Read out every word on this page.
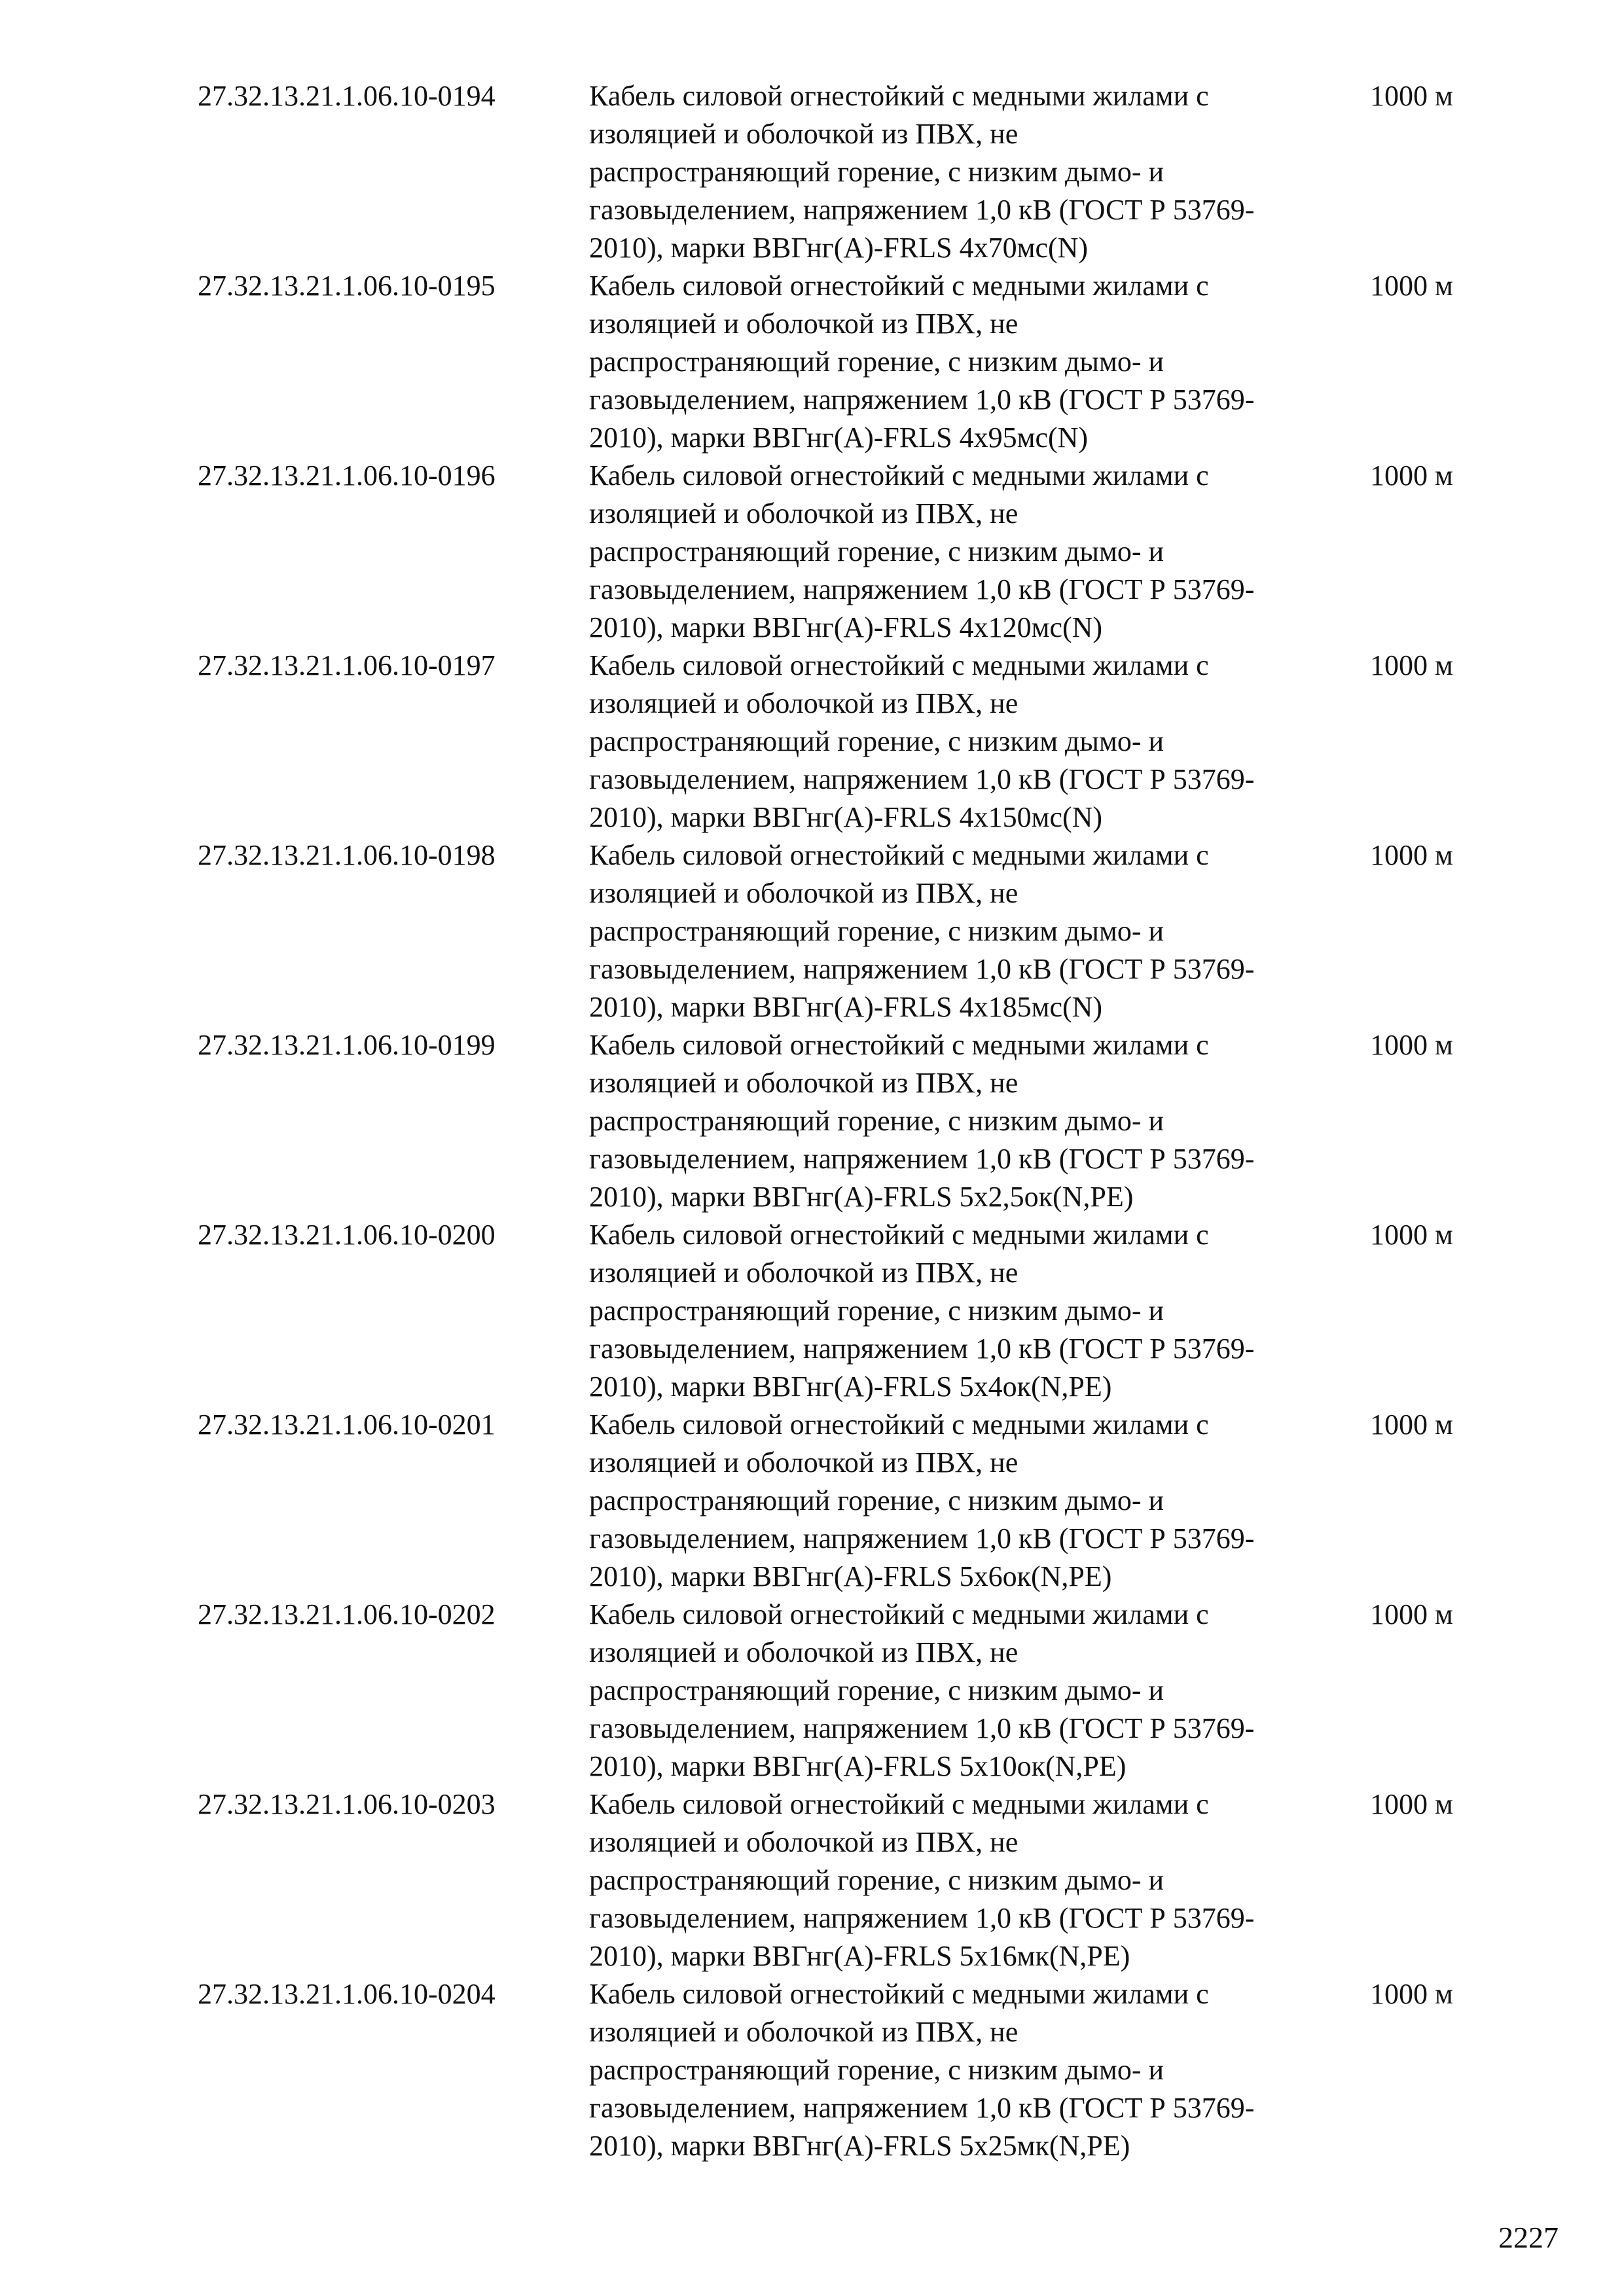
27.32.13.21.1.06.10-0194	Кабель силовой огнестойкий с медными жилами с
изоляцией и оболочкой из ПВХ, не
распространяющий горение, с низким дымо- и
газовыделением, напряжением 1,0 кВ (ГОСТ Р 53769-
2010), марки ВВГнг(А)-FRLS 4x70мс(N)
1000 м
27.32.13.21.1.06.10-0195	Кабель силовой огнестойкий с медными жилами с
изоляцией и оболочкой из ПВХ, не
распространяющий горение, с низким дымо- и
газовыделением, напряжением 1,0 кВ (ГОСТ Р 53769-
2010), марки ВВГнг(А)-FRLS 4x95мс(N)
1000 м
27.32.13.21.1.06.10-0196	Кабель силовой огнестойкий с медными жилами с
изоляцией и оболочкой из ПВХ, не
распространяющий горение, с низким дымо- и
газовыделением, напряжением 1,0 кВ (ГОСТ Р 53769-
2010), марки ВВГнг(А)-FRLS 4x120мс(N)
1000 м
27.32.13.21.1.06.10-0197	Кабель силовой огнестойкий с медными жилами с
изоляцией и оболочкой из ПВХ, не
распространяющий горение, с низким дымо- и
газовыделением, напряжением 1,0 кВ (ГОСТ Р 53769-
2010), марки ВВГнг(А)-FRLS 4x150мс(N)
1000 м
27.32.13.21.1.06.10-0198	Кабель силовой огнестойкий с медными жилами с
изоляцией и оболочкой из ПВХ, не
распространяющий горение, с низким дымо- и
газовыделением, напряжением 1,0 кВ (ГОСТ Р 53769-
2010), марки ВВГнг(А)-FRLS 4x185мс(N)
1000 м
27.32.13.21.1.06.10-0199	Кабель силовой огнестойкий с медными жилами с
изоляцией и оболочкой из ПВХ, не
распространяющий горение, с низким дымо- и
газовыделением, напряжением 1,0 кВ (ГОСТ Р 53769-
2010), марки ВВГнг(А)-FRLS 5x2,5ок(N,PE)
1000 м
27.32.13.21.1.06.10-0200	Кабель силовой огнестойкий с медными жилами с
изоляцией и оболочкой из ПВХ, не
распространяющий горение, с низким дымо- и
газовыделением, напряжением 1,0 кВ (ГОСТ Р 53769-
2010), марки ВВГнг(А)-FRLS 5x4ок(N,PE)
1000 м
27.32.13.21.1.06.10-0201	Кабель силовой огнестойкий с медными жилами с
изоляцией и оболочкой из ПВХ, не
распространяющий горение, с низким дымо- и
газовыделением, напряжением 1,0 кВ (ГОСТ Р 53769-
2010), марки ВВГнг(А)-FRLS 5x6ок(N,PE)
1000 м
27.32.13.21.1.06.10-0202	Кабель силовой огнестойкий с медными жилами с
изоляцией и оболочкой из ПВХ, не
распространяющий горение, с низким дымо- и
газовыделением, напряжением 1,0 кВ (ГОСТ Р 53769-
2010), марки ВВГнг(А)-FRLS 5x10ок(N,PE)
1000 м
27.32.13.21.1.06.10-0203	Кабель силовой огнестойкий с медными жилами с
изоляцией и оболочкой из ПВХ, не
распространяющий горение, с низким дымо- и
газовыделением, напряжением 1,0 кВ (ГОСТ Р 53769-
2010), марки ВВГнг(А)-FRLS 5x16мк(N,PE)
1000 м
27.32.13.21.1.06.10-0204	Кабель силовой огнестойкий с медными жилами с
изоляцией и оболочкой из ПВХ, не
распространяющий горение, с низким дымо- и
газовыделением, напряжением 1,0 кВ (ГОСТ Р 53769-
2010), марки ВВГнг(А)-FRLS 5x25мк(N,PE)
1000 м
2227
